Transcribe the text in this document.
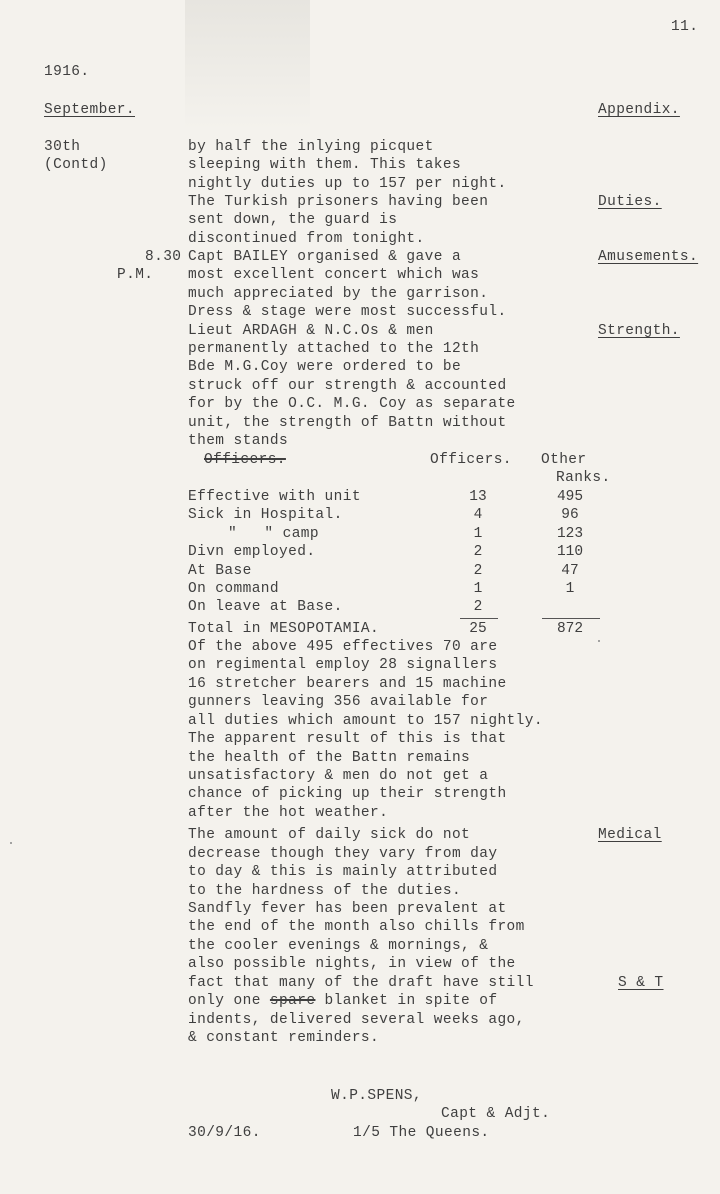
11.
1916.
September.	Appendix.
30th
(Contd)
8.30
P.M.
by half the inlying picquet
sleeping with them. This takes
nightly duties up to 157 per night.
The Turkish prisoners having been
sent down, the guard is
discontinued from tonight.
Capt BAILEY organised & gave a
most excellent concert which was
much appreciated by the garrison.
Dress & stage were most successful.
Lieut ARDAGH & N.C.Os & men
permanently attached to the 12th
Bde M.G.Coy were ordered to be
struck off our strength & accounted
for by the O.C. M.G. Coy as separate
unit, the strength of Battn without
them stands
Duties.
Amusements.
Strength.
Medical
S & T
Officers.	Officers. Other
Ranks.
Effective with unit	13	495
Sick in Hospital.	4	96
"   " camp	1	123
Divn employed.	2	110
At Base	2	47
On command	1	1
On leave at Base.	2
Total in MESOPOTAMIA.	25	872
Of the above 495 effectives 70 are
on regimental employ 28 signallers
16 stretcher bearers and 15 machine
gunners leaving 356 available for
all duties which amount to 157 nightly.
The apparent result of this is that
the health of the Battn remains
unsatisfactory & men do not get a
chance of picking up their strength
after the hot weather.
The amount of daily sick do not
decrease though they vary from day
to day & this is mainly attributed
to the hardness of the duties.
Sandfly fever has been prevalent at
the end of the month also chills from
the cooler evenings & mornings, &
also possible nights, in view of the
fact that many of the draft have still
only one spare blanket in spite of
indents, delivered several weeks ago,
& constant reminders.
W.P.SPENS,
Capt & Adjt.
30/9/16.	1/5 The Queens.
